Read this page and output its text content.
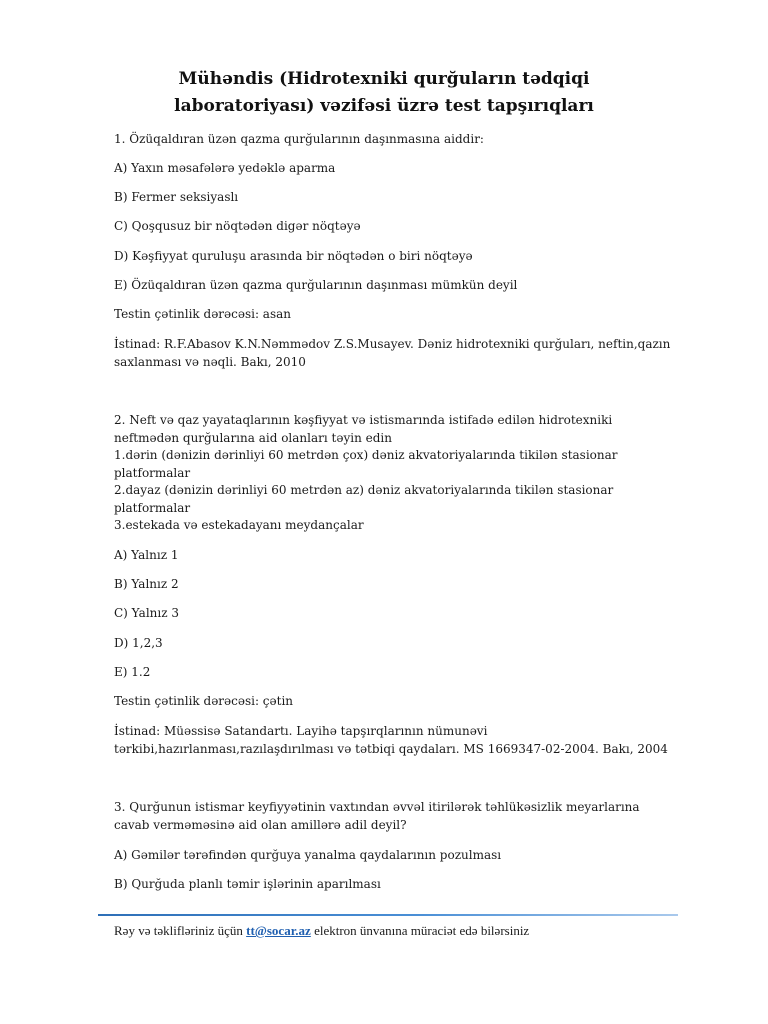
Mühəndis (Hidrotexniki qurğuların tədqiqi
laboratoriyası) vəzifəsi üzrə test tapşırıqları
1. Özüqaldıran üzən qazma qurğularının daşınmasına aiddir:
A) Yaxın məsafələrə yedəklə aparma
B) Fermer seksiyaslı
C) Qoşqusuz bir nöqtədən digər nöqtəyə
D) Kəşfiyyat quruluşu arasında bir nöqtədən o biri nöqtəyə
E) Özüqaldıran üzən qazma qurğularının daşınması mümkün deyil
Testin çətinlik dərəcəsi: asan
İstinad: R.F.Abasov K.N.Nəmmədov Z.S.Musayev. Dəniz hidrotexniki qurğuları, neftin,qazın
saxlanması və nəqli. Bakı, 2010
2. Neft və qaz yayataqlarının kəşfiyyat və istismarında istifadə edilən hidrotexniki
neftmədən qurğularına aid olanları təyin edin
1.dərin (dənizin dərinliyi 60 metrdən çox) dəniz akvatoriyalarında tikilən stasionar
platformalar
2.dayaz (dənizin dərinliyi 60 metrdən az) dəniz akvatoriyalarında tikilən stasionar
platformalar
3.estekada və estekadayanı meydançalar
A) Yalnız 1
B) Yalnız 2
C) Yalnız 3
D) 1,2,3
E) 1.2
Testin çətinlik dərəcəsi: çətin
İstinad: Müəssisə Satandartı. Layihə tapşırqlarının nümunəvi
tərkibi,hazırlanması,razılaşdırılması və tətbiqi qaydaları. MS 1669347-02-2004. Bakı, 2004
3. Qurğunun istismar keyfiyyətinin vaxtından əvvəl itirilərək təhlükəsizlik meyarlarına
cavab verməməsinə aid olan amillərə adil deyil?
A) Gəmilər tərəfindən qurğuya yanalma qaydalarının pozulması
B) Qurğuda planlı təmir işlərinin aparılması
Rəy və təklifləriniz üçün tt@socar.az elektron ünvanına müraciət edə bilərsiniz
